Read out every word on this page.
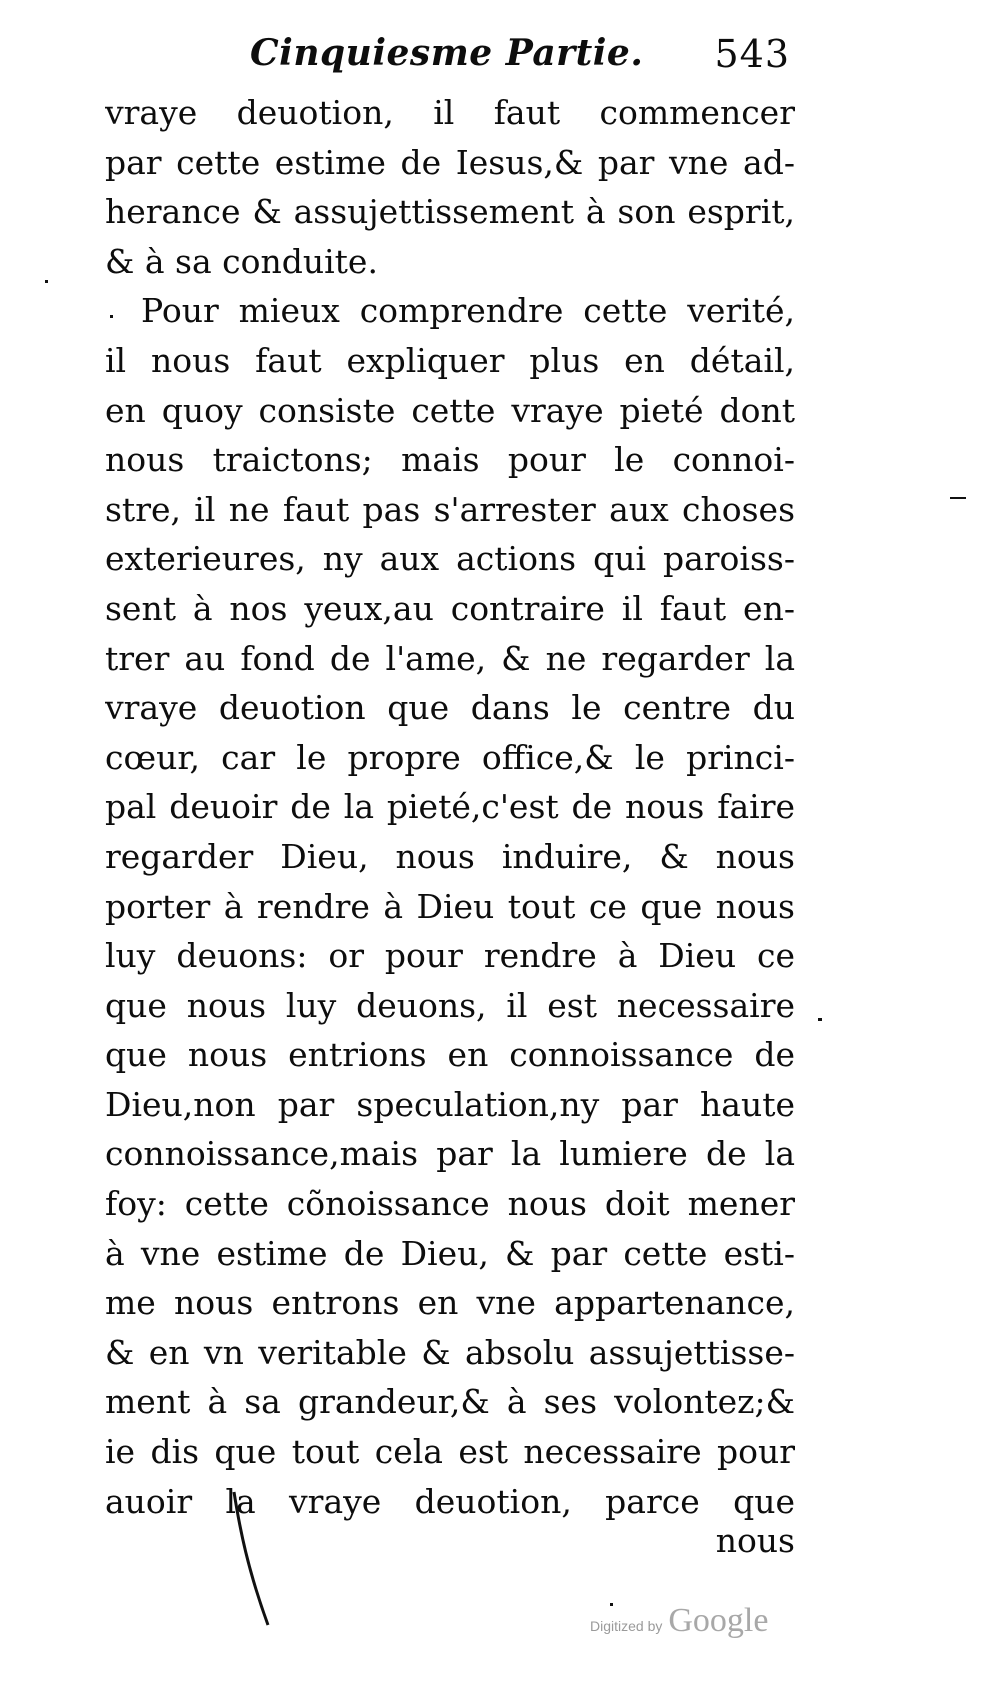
Cinquiesme Partie. 543
vraye deuotion, il faut commencer
par cette estime de Iesus,& par vne ad-
herance & assujettissement à son esprit,
& à sa conduite.
Pour mieux comprendre cette verité,
il nous faut expliquer plus en détail,
en quoy consiste cette vraye pieté dont
nous traictons; mais pour le connoi-
stre, il ne faut pas s'arrester aux choses
exterieures, ny aux actions qui paroiss-
sent à nos yeux,au contraire il faut en-
trer au fond de l'ame, & ne regarder la
vraye deuotion que dans le centre du
cœur, car le propre office,& le princi-
pal deuoir de la pieté,c'est de nous faire
regarder Dieu, nous induire, & nous
porter à rendre à Dieu tout ce que nous
luy deuons: or pour rendre à Dieu ce
que nous luy deuons, il est necessaire
que nous entrions en connoissance de
Dieu,non par speculation,ny par haute
connoissance,mais par la lumiere de la
foy: cette cõnoissance nous doit mener
à vne estime de Dieu, & par cette esti-
me nous entrons en vne appartenance,
& en vn veritable & absolu assujettisse-
ment à sa grandeur,& à ses volontez;&
ie dis que tout cela est necessaire pour
auoir la vraye deuotion, parce que
nous
Digitized by Google
